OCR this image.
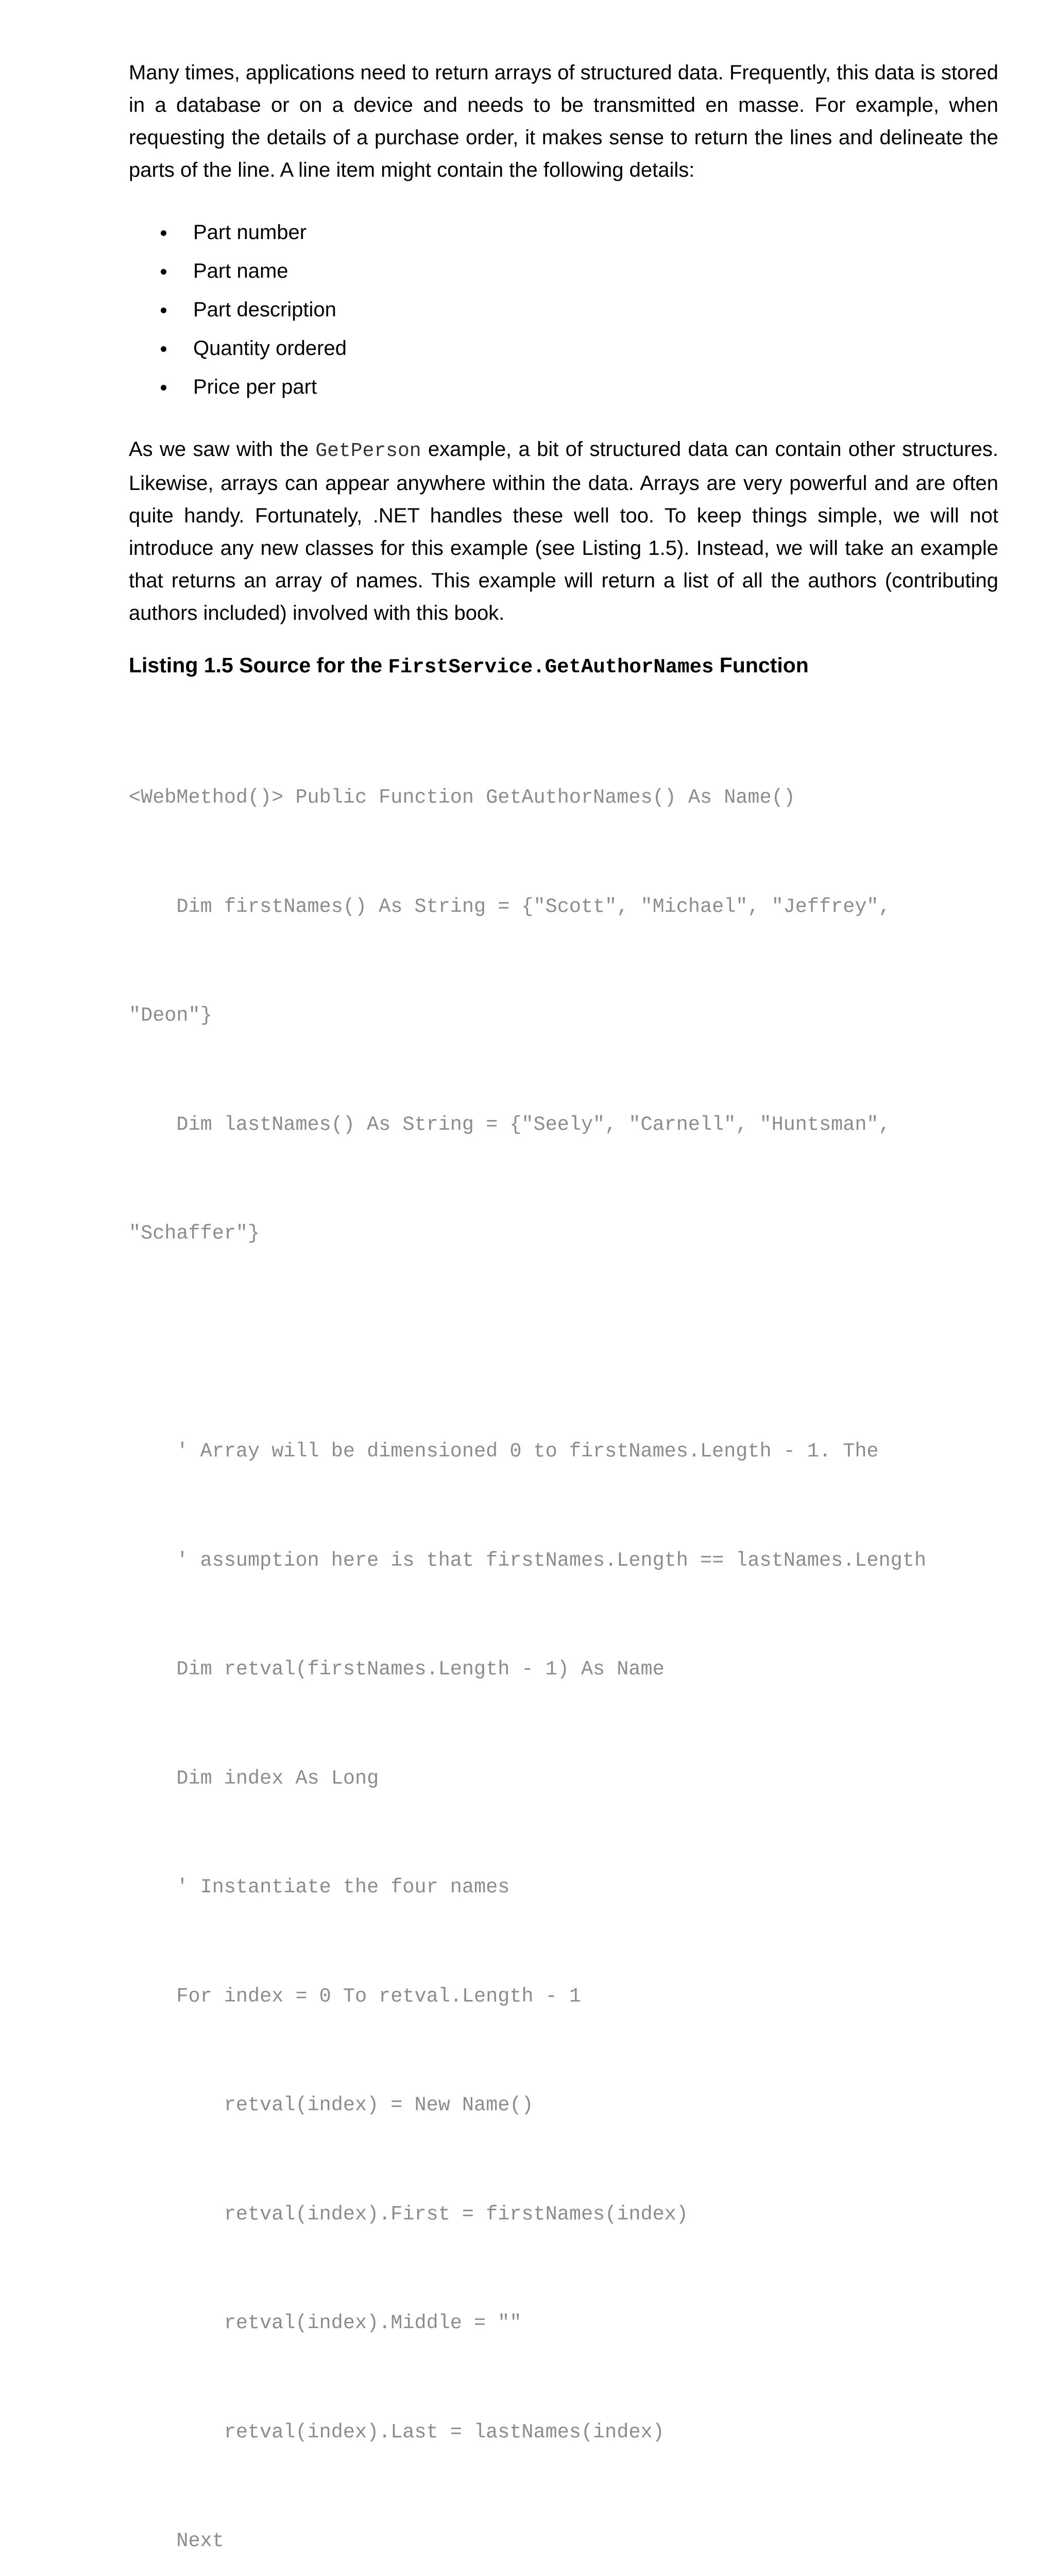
Many times, applications need to return arrays of structured data. Frequently, this data is stored in a database or on a device and needs to be transmitted en masse. For example, when requesting the details of a purchase order, it makes sense to return the lines and delineate the parts of the line. A line item might contain the following details:

Part number
Part name
Part description
Quantity ordered
Price per part

As we saw with the GetPerson example, a bit of structured data can contain other structures. Likewise, arrays can appear anywhere within the data. Arrays are very powerful and are often quite handy. Fortunately, .NET handles these well too. To keep things simple, we will not introduce any new classes for this example (see Listing 1.5). Instead, we will take an example that returns an array of names. This example will return a list of all the authors (contributing authors included) involved with this book.

Listing 1.5 Source for the FirstService.GetAuthorNames Function

<WebMethod()> Public Function GetAuthorNames() As Name()

Dim firstNames() As String = {"Scott", "Michael", "Jeffrey",

"Deon"}

Dim lastNames() As String = {"Seely", "Carnell", "Huntsman",

"Schaffer"}

' Array will be dimensioned 0 to firstNames.Length - 1. The

' assumption here is that firstNames.Length == lastNames.Length

Dim retval(firstNames.Length - 1) As Name

Dim index As Long

' Instantiate the four names

For index = 0 To retval.Length - 1

retval(index) = New Name()

retval(index).First = firstNames(index)

retval(index).Middle = ""

retval(index).Last = lastNames(index)

Next
